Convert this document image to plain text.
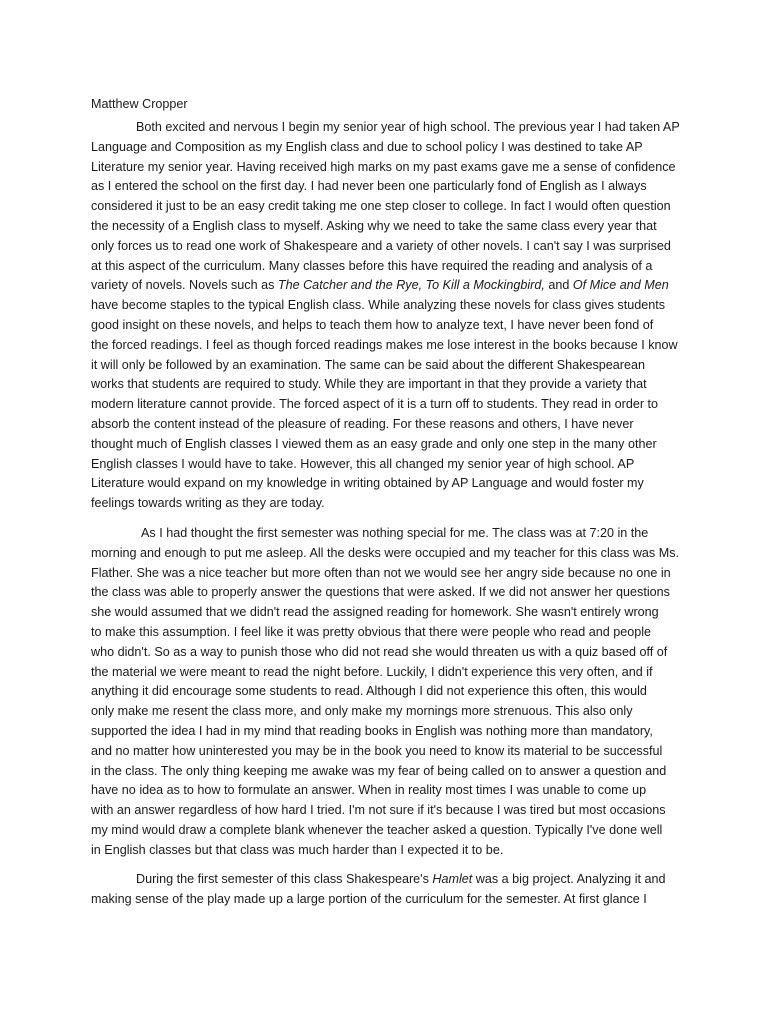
Matthew Cropper
Both excited and nervous I begin my senior year of high school. The previous year I had taken AP
Language and Composition as my English class and due to school policy I was destined to take AP
Literature my senior year. Having received high marks on my past exams gave me a sense of confidence
as I entered the school on the first day. I had never been one particularly fond of English as I always
considered it just to be an easy credit taking me one step closer to college. In fact I would often question
the necessity of a English class to myself. Asking why we need to take the same class every year that
only forces us to read one work of Shakespeare and a variety of other novels. I can't say I was surprised
at this aspect of the curriculum. Many classes before this have required the reading and analysis of a
variety of novels. Novels such as The Catcher and the Rye, To Kill a Mockingbird, and Of Mice and Men
have become staples to the typical English class. While analyzing these novels for class gives students
good insight on these novels, and helps to teach them how to analyze text, I have never been fond of
the forced readings. I feel as though forced readings makes me lose interest in the books because I know
it will only be followed by an examination. The same can be said about the different Shakespearean
works that students are required to study. While they are important in that they provide a variety that
modern literature cannot provide. The forced aspect of it is a turn off to students. They read in order to
absorb the content instead of the pleasure of reading. For these reasons and others, I have never
thought much of English classes I viewed them as an easy grade and only one step in the many other
English classes I would have to take. However, this all changed my senior year of high school. AP
Literature would expand on my knowledge in writing obtained by AP Language and would foster my
feelings towards writing as they are today.
As I had thought the first semester was nothing special for me. The class was at 7:20 in the
morning and enough to put me asleep. All the desks were occupied and my teacher for this class was Ms.
Flather. She was a nice teacher but more often than not we would see her angry side because no one in
the class was able to properly answer the questions that were asked. If we did not answer her questions
she would assumed that we didn't read the assigned reading for homework. She wasn't entirely wrong
to make this assumption. I feel like it was pretty obvious that there were people who read and people
who didn't. So as a way to punish those who did not read she would threaten us with a quiz based off of
the material we were meant to read the night before. Luckily, I didn't experience this very often, and if
anything it did encourage some students to read. Although I did not experience this often, this would
only make me resent the class more, and only make my mornings more strenuous. This also only
supported the idea I had in my mind that reading books in English was nothing more than mandatory,
and no matter how uninterested you may be in the book you need to know its material to be successful
in the class. The only thing keeping me awake was my fear of being called on to answer a question and
have no idea as to how to formulate an answer. When in reality most times I was unable to come up
with an answer regardless of how hard I tried. I'm not sure if it's because I was tired but most occasions
my mind would draw a complete blank whenever the teacher asked a question. Typically I've done well
in English classes but that class was much harder than I expected it to be.
During the first semester of this class Shakespeare's Hamlet was a big project. Analyzing it and
making sense of the play made up a large portion of the curriculum for the semester. At first glance I
